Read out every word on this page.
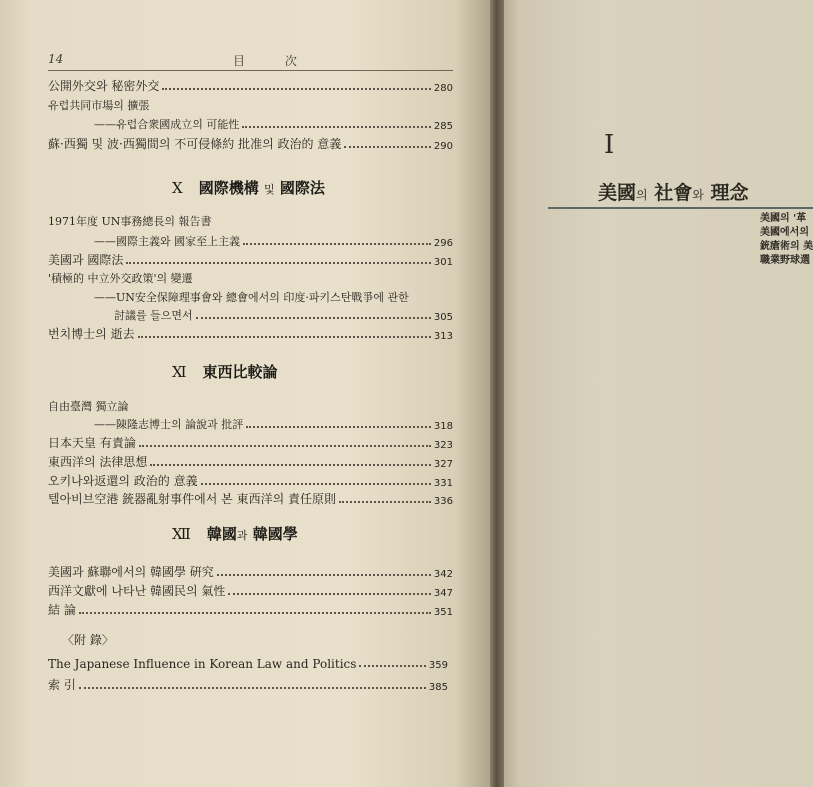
14	目 次
公開外交와 秘密外交	280
유럽共同市場의 擴張
——유럽合衆國成立의 可能性	285
蘇·西獨 및 波·西獨間의 不可侵條約 批准의 政治的 意義	290
Ⅹ 國際機構 및 國際法
1971年度 UN事務總長의 報告書
——國際主義와 國家至上主義	296
美國과 國際法	301
'積極的 中立外交政策'의 變遷
——UN安全保障理事會와 總會에서의 印度·파키스탄戰爭에 관한
討議를 들으면서	305
번치博士의 逝去	313
Ⅺ 東西比較論
自由臺灣 獨立論
——陳隆志博士의 論說과 批評	318
日本天皇 有責論	323
東西洋의 法律思想	327
오키나와返還의 政治的 意義	331
텔아비브空港 銃器亂射事件에서 본 東西洋의 責任原則	336
Ⅻ 韓國과 韓國學
美國과 蘇聯에서의 韓國學 硏究	342
西洋文獻에 나타난 韓國民의 氣性	347
結 論	351
〈附 錄〉
The Japanese Influence in Korean Law and Politics	359
索 引	385
Ⅰ
美國의 社會와 理念
美國의 '革
美國에서의
銃瘡術의 美
職業野球選
